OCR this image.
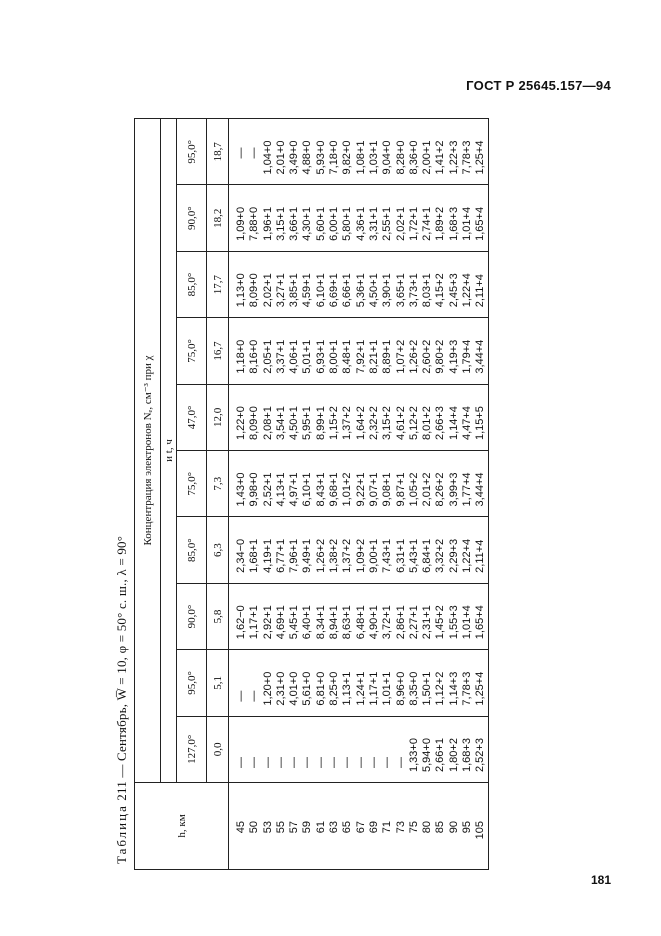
ГОСТ Р 25645.157—94
Таблица 211 — Сентябрь, W̅ = 10, φ = 50° с. ш., λ = 90°
h, км	Концентрация электронов Nₑ, см⁻³ при χ									
	и t, ч									
	127,0°	95,0°	90,0°	85,0°	75,0°	47,0°	75,0°	85,0°	90,0°	95,0°
	0,0	5,1	5,8	6,3	7,3	12,0	16,7	17,7	18,2	18,7
45	—	—	1,62−0	2,34−0	1,43+0	1,22+0	1,18+0	1,13+0	1,09+0	—
50	—	—	1,17+1	1,68+1	9,98+0	8,09+0	8,16+0	8,09+0	7,88+0	—
53	—	1,20+0	2,92+1	4,19+1	2,52+1	2,08+1	2,05+1	2,02+1	1,96+1	1,04+0
55	—	2,31+0	4,69+1	6,77+1	4,13+1	3,54+1	3,37+1	3,27+1	3,15+1	2,01+0
57	—	4,01+0	5,45+1	7,96+1	4,97+1	4,50+1	4,06+1	3,85+1	3,66+1	3,49+0
59	—	5,61+0	6,40+1	9,49+1	6,10+1	5,95+1	5,01+1	4,59+1	4,30+1	4,88+0
61	—	6,81+0	8,34+1	1,26+2	8,43+1	8,99+1	6,93+1	6,10+1	5,60+1	5,93+0
63	—	8,25+0	8,94+1	1,38+2	9,68+1	1,15+2	8,00+1	6,69+1	6,00+1	7,18+0
65	—	1,13+1	8,63+1	1,37+2	1,01+2	1,37+2	8,48+1	6,66+1	5,80+1	9,82+0
67	—	1,24+1	6,48+1	1,09+2	9,22+1	1,64+2	7,92+1	5,36+1	4,36+1	1,08+1
69	—	1,17+1	4,90+1	9,00+1	9,07+1	2,32+2	8,21+1	4,50+1	3,31+1	1,03+1
71	—	1,01+1	3,72+1	7,43+1	9,08+1	3,15+2	8,89+1	3,90+1	2,55+1	9,04+0
73	—	8,96+0	2,86+1	6,31+1	9,87+1	4,61+2	1,07+2	3,65+1	2,02+1	8,28+0
75	1,33+0	8,35+0	2,27+1	5,43+1	1,05+2	5,12+2	1,26+2	3,73+1	1,72+1	8,36+0
80	5,94+0	1,50+1	2,31+1	6,84+1	2,01+2	8,01+2	2,60+2	8,03+1	2,74+1	2,00+1
85	2,66+1	1,12+2	1,45+2	3,32+2	8,26+2	2,66+3	9,80+2	4,15+2	1,89+2	1,41+2
90	1,80+2	1,14+3	1,55+3	2,29+3	3,99+3	1,14+4	4,19+3	2,45+3	1,68+3	1,22+3
95	1,68+3	7,78+3	1,01+4	1,22+4	1,77+4	4,47+4	1,79+4	1,22+4	1,01+4	7,78+3
105	2,52+3	1,25+4	1,65+4	2,11+4	3,44+4	1,15+5	3,44+4	2,11+4	1,65+4	1,25+4
181
